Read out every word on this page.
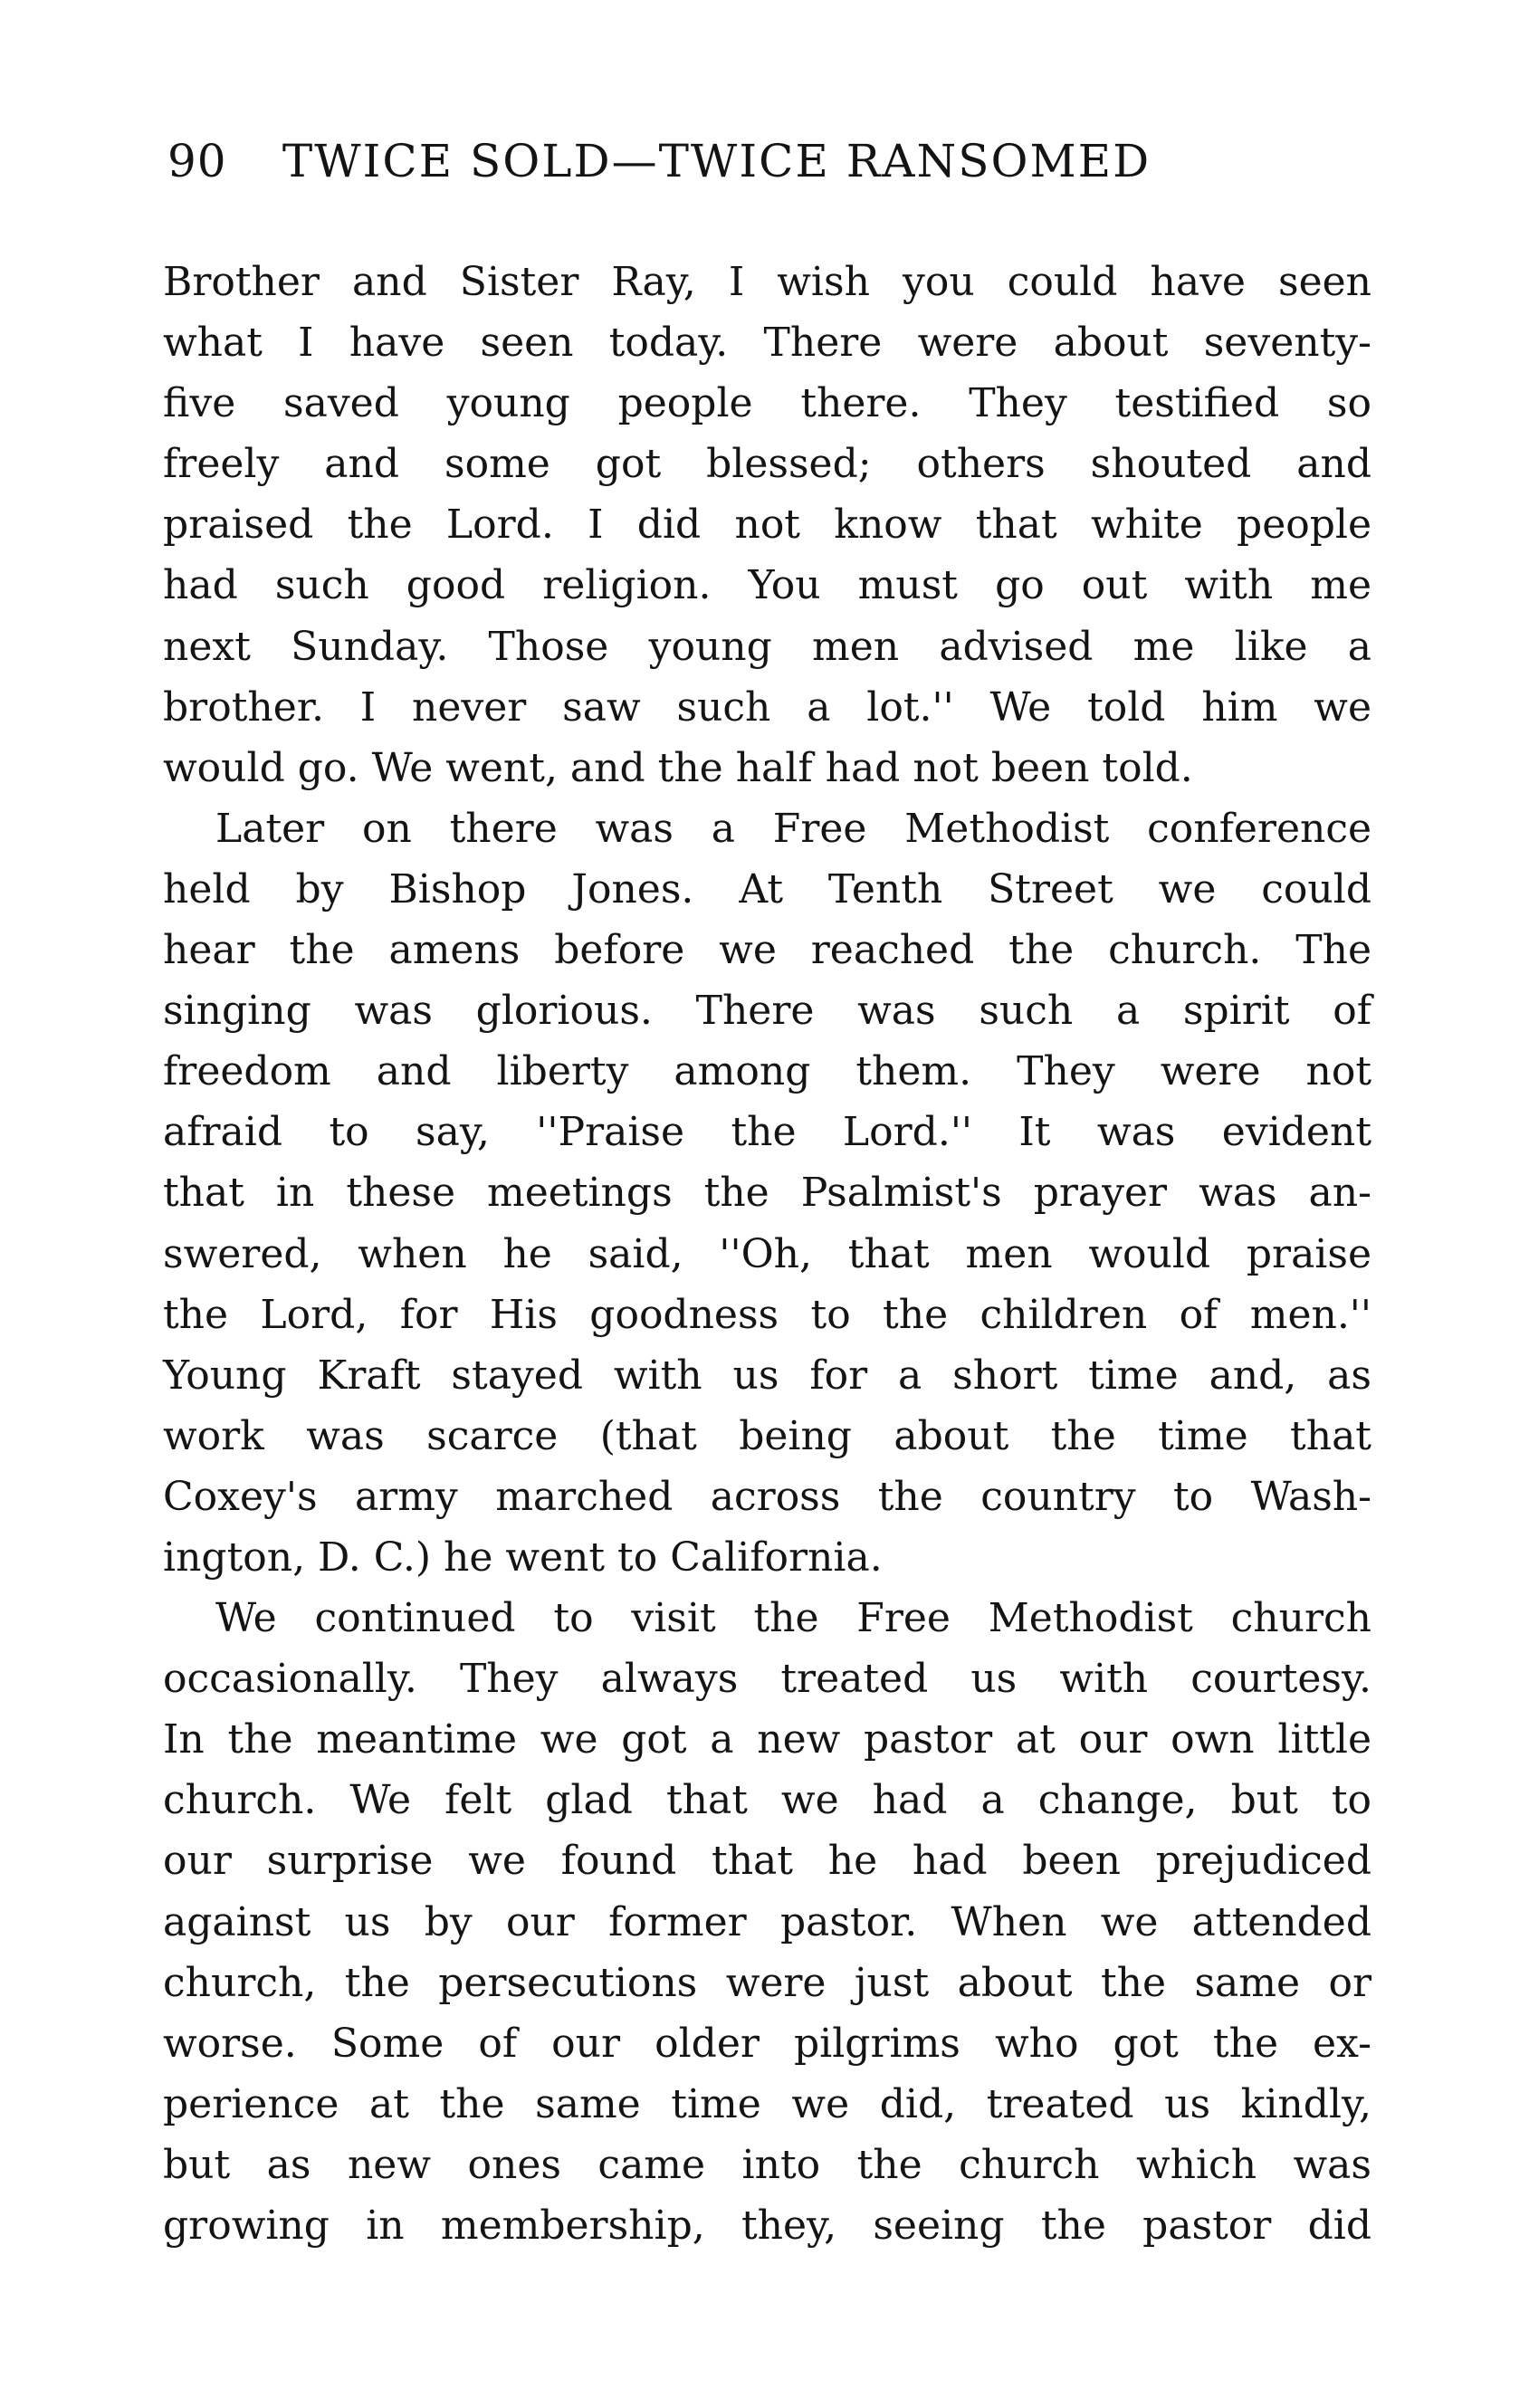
90 TWICE SOLD—TWICE RANSOMED
Brother and Sister Ray, I wish you could have seen
what I have seen today. There were about seventy-
five saved young people there. They testified so
freely and some got blessed; others shouted and
praised the Lord. I did not know that white people
had such good religion. You must go out with me
next Sunday. Those young men advised me like a
brother. I never saw such a lot.'' We told him we
would go. We went, and the half had not been told.
Later on there was a Free Methodist conference
held by Bishop Jones. At Tenth Street we could
hear the amens before we reached the church. The
singing was glorious. There was such a spirit of
freedom and liberty among them. They were not
afraid to say, ''Praise the Lord.'' It was evident
that in these meetings the Psalmist's prayer was an-
swered, when he said, ''Oh, that men would praise
the Lord, for His goodness to the children of men.''
Young Kraft stayed with us for a short time and, as
work was scarce (that being about the time that
Coxey's army marched across the country to Wash-
ington, D. C.) he went to California.
We continued to visit the Free Methodist church
occasionally. They always treated us with courtesy.
In the meantime we got a new pastor at our own little
church. We felt glad that we had a change, but to
our surprise we found that he had been prejudiced
against us by our former pastor. When we attended
church, the persecutions were just about the same or
worse. Some of our older pilgrims who got the ex-
perience at the same time we did, treated us kindly,
but as new ones came into the church which was
growing in membership, they, seeing the pastor did
